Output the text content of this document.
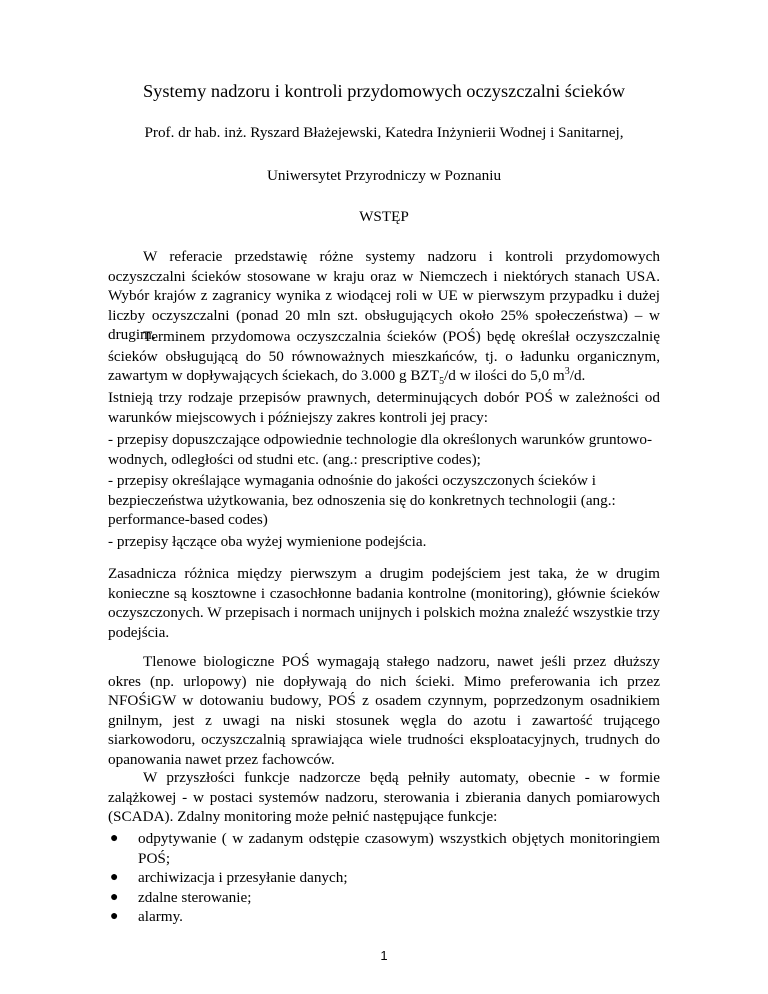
Systemy nadzoru i kontroli przydomowych oczyszczalni ścieków
Prof. dr hab. inż. Ryszard Błażejewski, Katedra Inżynierii Wodnej i Sanitarnej,
Uniwersytet Przyrodniczy w Poznaniu
WSTĘP
W referacie przedstawię różne systemy nadzoru i kontroli przydomowych oczyszczalni ścieków stosowane w kraju oraz w Niemczech i niektórych stanach USA. Wybór krajów z zagranicy wynika z wiodącej roli w UE w pierwszym przypadku i dużej liczby oczyszczalni (ponad 20 mln szt. obsługujących około 25% społeczeństwa) – w drugim.
Terminem przydomowa oczyszczalnia ścieków (POŚ) będę określał oczyszczalnię ścieków obsługującą do 50 równoważnych mieszkańców, tj. o ładunku organicznym, zawartym w dopływających ściekach, do 3.000 g $BZT_5/d$ w ilości do 5,0 $m^3/d$.
Istnieją trzy rodzaje przepisów prawnych, determinujących dobór POŚ w zależności od warunków miejscowych i późniejszy zakres kontroli jej pracy:
- przepisy dopuszczające odpowiednie technologie dla określonych warunków gruntowo-wodnych, odległości od studni etc. (ang.: prescriptive codes);
- przepisy określające wymagania odnośnie do jakości oczyszczonych ścieków i bezpieczeństwa użytkowania, bez odnoszenia się do konkretnych technologii (ang.: performance-based codes)
- przepisy łączące oba wyżej wymienione podejścia.
Zasadnicza różnica między pierwszym a drugim podejściem jest taka, że w drugim konieczne są kosztowne i czasochłonne badania kontrolne (monitoring), głównie ścieków oczyszczonych. W przepisach i normach unijnych i polskich można znaleźć wszystkie trzy podejścia.
Tlenowe biologiczne POŚ wymagają stałego nadzoru, nawet jeśli przez dłuższy okres (np. urlopowy) nie dopływają do nich ścieki. Mimo preferowania ich przez NFOŚiGW w dotowaniu budowy, POŚ z osadem czynnym, poprzedzonym osadnikiem gnilnym, jest z uwagi na niski stosunek węgla do azotu i zawartość trującego siarkowodoru, oczyszczalnią sprawiająca wiele trudności eksploatacyjnych, trudnych do opanowania nawet przez fachowców.
W przyszłości funkcje nadzorcze będą pełniły automaty, obecnie - w formie zalążkowej - w postaci systemów nadzoru, sterowania i zbierania danych pomiarowych (SCADA). Zdalny monitoring może pełnić następujące funkcje:
●	odpytywanie ( w zadanym odstępie czasowym) wszystkich objętych monitoringiem POŚ;
●	archiwizacja i przesyłanie danych;
●	zdalne sterowanie;
●	alarmy.
1
